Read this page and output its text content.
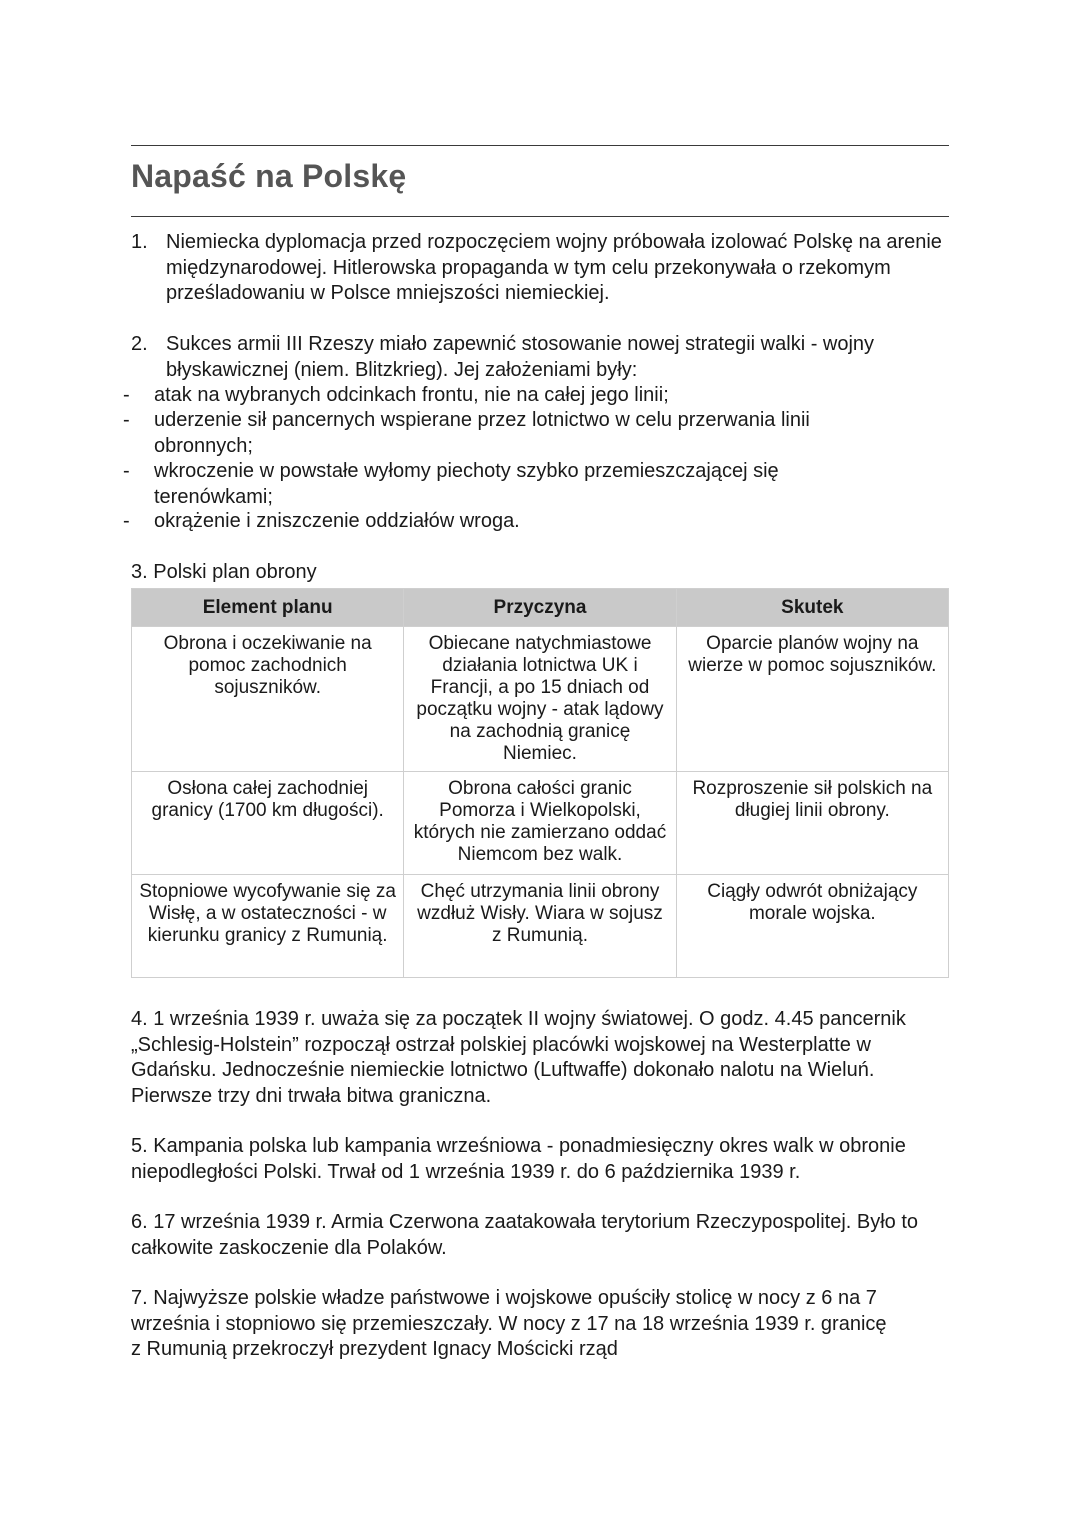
Napaść na Polskę
1. Niemiecka dyplomacja przed rozpoczęciem wojny próbowała izolować Polskę na arenie międzynarodowej. Hitlerowska propaganda w tym celu przekonywała o rzekomym prześladowaniu w Polsce mniejszości niemieckiej.

2. Sukces armii III Rzeszy miało zapewnić stosowanie nowej strategii walki - wojny błyskawicznej (niem. Blitzkrieg). Jej założeniami były:

- atak na wybranych odcinkach frontu, nie na całej jego linii;

- uderzenie sił pancernych wspierane przez lotnictwo w celu przerwania linii obronnych;

- wkroczenie w powstałe wyłomy piechoty szybko przemieszczającej się terenówkami;

- okrążenie i zniszczenie oddziałów wroga.

3. Polski plan obrony

Element planu	Przyczyna	Skutek
Obrona i oczekiwanie na pomoc zachodnich sojuszników.	Obiecane natychmiastowe działania lotnictwa UK i Francji, a po 15 dniach od początku wojny - atak lądowy na zachodnią granicę Niemiec.	Oparcie planów wojny na wierze w pomoc sojuszników.
Osłona całej zachodniej granicy (1700 km długości).	Obrona całości granic Pomorza i Wielkopolski, których nie zamierzano oddać Niemcom bez walk.	Rozproszenie sił polskich na długiej linii obrony.
Stopniowe wycofywanie się za Wisłę, a w ostateczności - w kierunku granicy z Rumunią.	Chęć utrzymania linii obrony wzdłuż Wisły. Wiara w sojusz z Rumunią.	Ciągły odwrót obniżający morale wojska.

4. 1 września 1939 r. uważa się za początek II wojny światowej. O godz. 4.45 pancernik „Schlesig-Holstein” rozpoczął ostrzał polskiej placówki wojskowej na Westerplatte w Gdańsku. Jednocześnie niemieckie lotnictwo (Luftwaffe) dokonało nalotu na Wieluń. Pierwsze trzy dni trwała bitwa graniczna.

5. Kampania polska lub kampania wrześniowa - ponadmiesięczny okres walk w obronie niepodległości Polski. Trwał od 1 września 1939 r. do 6 października 1939 r.

6. 17 września 1939 r. Armia Czerwona zaatakowała terytorium Rzeczypospolitej. Było to całkowite zaskoczenie dla Polaków.

7. Najwyższe polskie władze państwowe i wojskowe opuściły stolicę w nocy z 6 na 7 września i stopniowo się przemieszczały. W nocy z 17 na 18 września 1939 r. granicę z Rumunią przekroczył prezydent Ignacy Mościcki rząd
